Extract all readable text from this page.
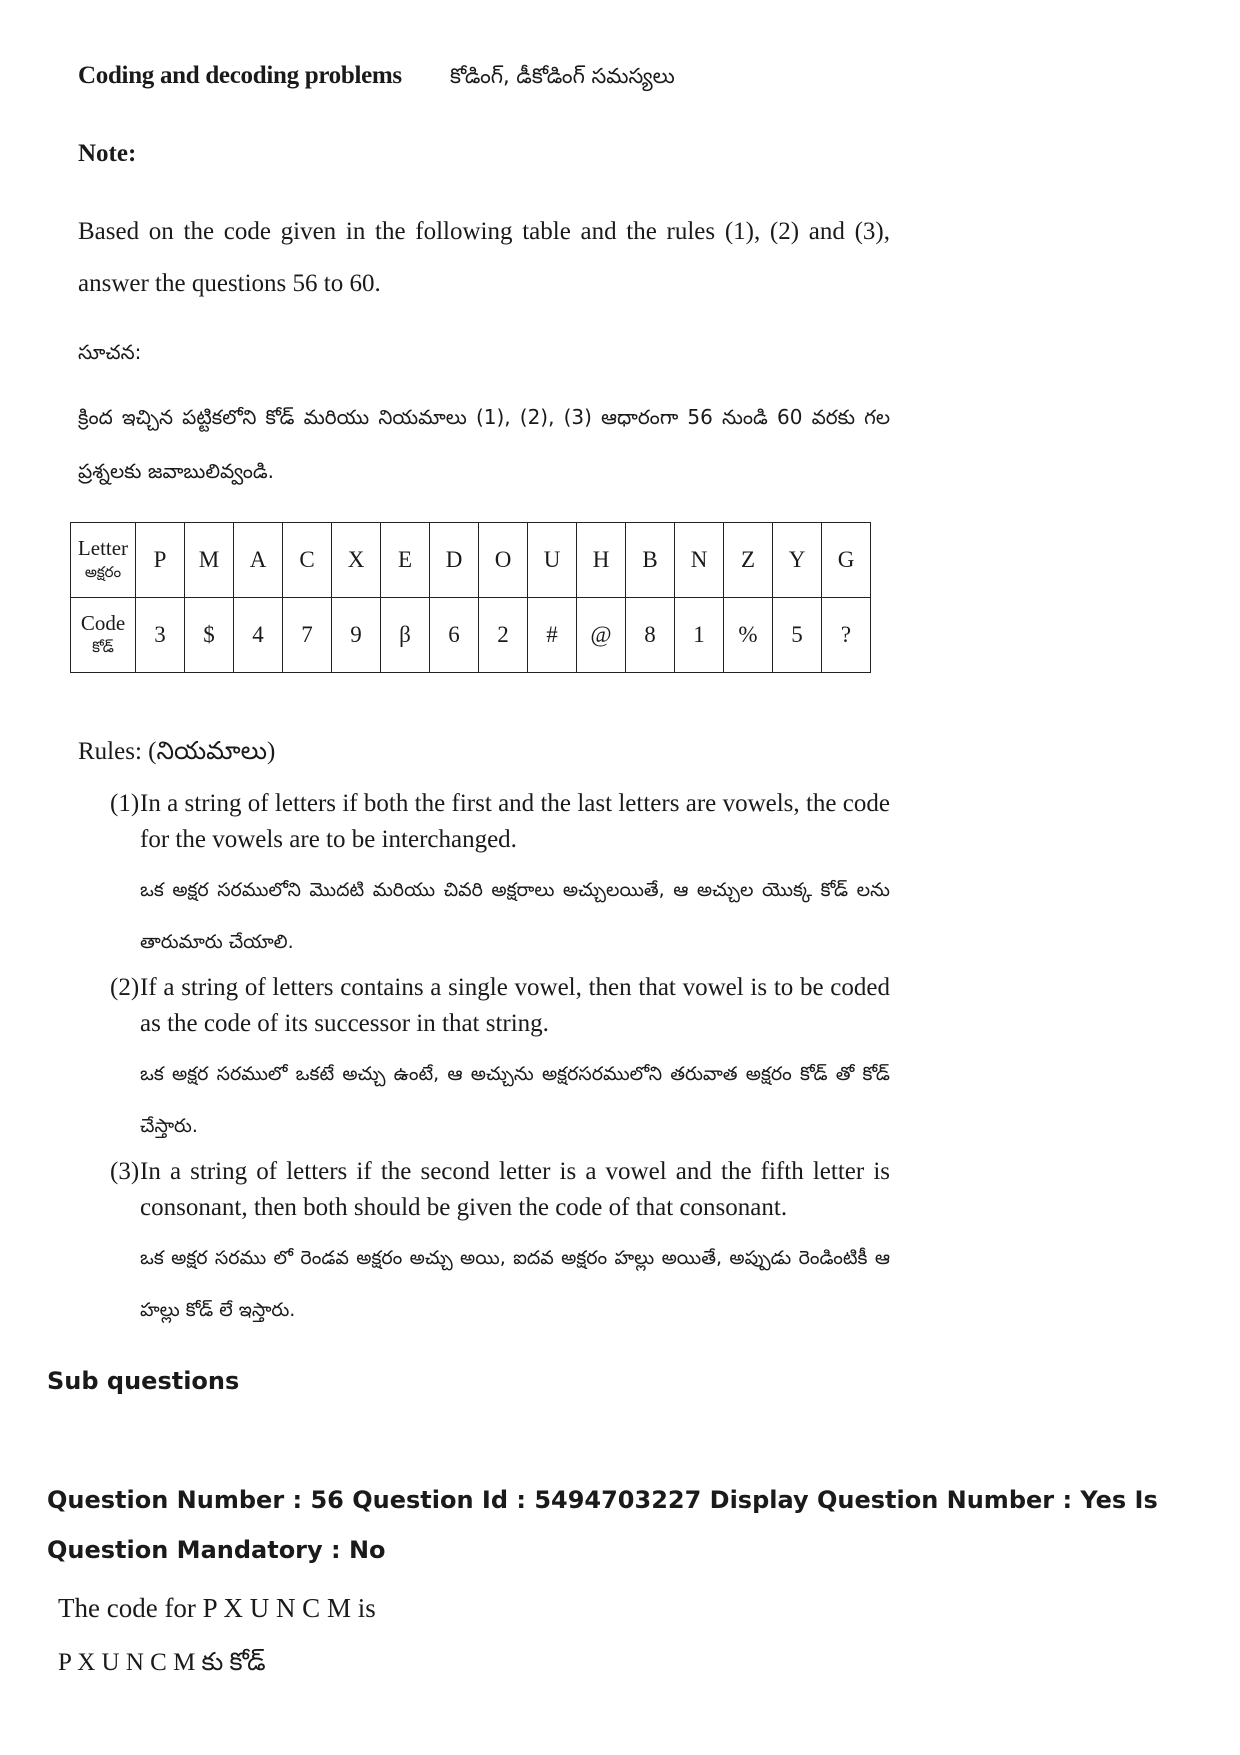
Coding and decoding problems కోడింగ్, డీకోడింగ్ సమస్యలు
Note:
Based on the code given in the following table and the rules (1), (2) and (3), answer the questions 56 to 60.
సూచన:
క్రింద ఇచ్చిన పట్టికలోని కోడ్ మరియు నియమాలు (1), (2), (3) ఆధారంగా 56 నుండి 60 వరకు గల ప్రశ్నలకు జవాబులివ్వండి.
Letter
అక్షరం	P	M	A	C	X	E	D	O	U	H	B	N	Z	Y	G
Code
కోడ్	3	$	4	7	9	β	6	2	#	@	8	1	%	5	?
Rules: (నియమాలు)
(1) In a string of letters if both the first and the last letters are vowels, the code for the vowels are to be interchanged.
ఒక అక్షర సరములోని మొదటి మరియు చివరి అక్షరాలు అచ్చులయితే, ఆ అచ్చుల యొక్క కోడ్ లను తారుమారు చేయాలి.
(2) If a string of letters contains a single vowel, then that vowel is to be coded as the code of its successor in that string.
ఒక అక్షర సరములో ఒకటే అచ్చు ఉంటే, ఆ అచ్చును అక్షరసరములోని తరువాత అక్షరం కోడ్ తో కోడ్ చేస్తారు.
(3) In a string of letters if the second letter is a vowel and the fifth letter is consonant, then both should be given the code of that consonant.
ఒక అక్షర సరము లో రెండవ అక్షరం అచ్చు అయి, ఐదవ అక్షరం హల్లు అయితే, అప్పుడు రెండింటికీ ఆ హల్లు కోడ్ లే ఇస్తారు.
Sub questions
Question Number : 56 Question Id : 5494703227 Display Question Number : Yes Is Question Mandatory : No
The code for P X U N C M is
P X U N C M కు కోడ్
